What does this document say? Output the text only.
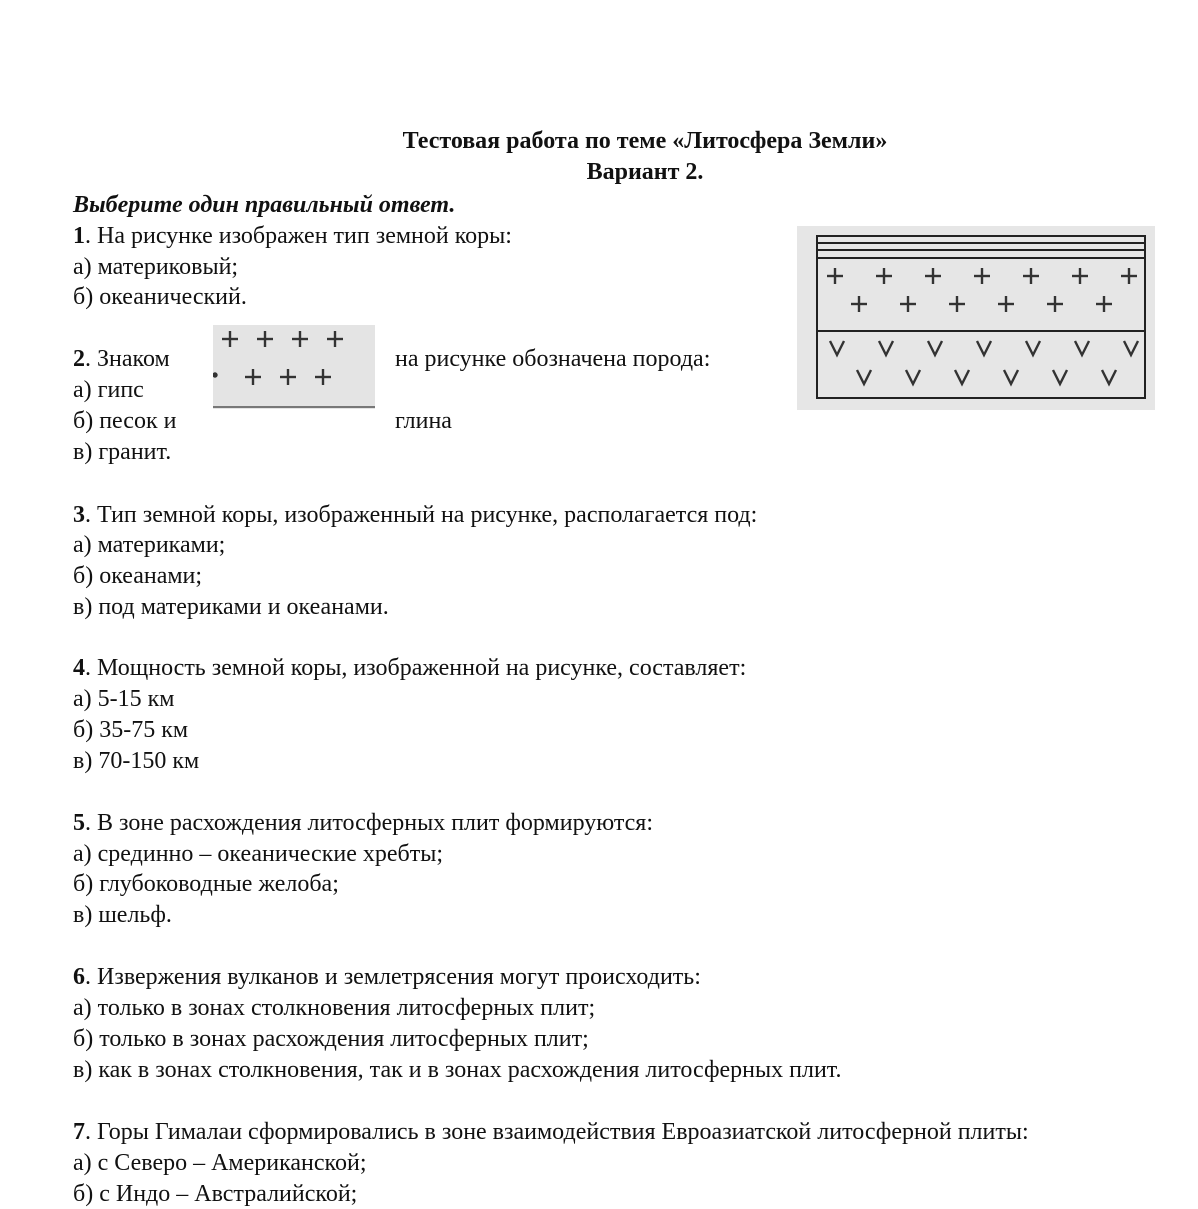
Тестовая работа по теме «Литосфера Земли»
Вариант 2.
Выберите один правильный ответ.
1. На рисунке изображен тип земной коры:
а) материковый;
б) океанический.
2. Знаком	на рисунке обозначена порода:
а) гипс
б) песок и	глина
в) гранит.
3. Тип земной коры, изображенный на рисунке, располагается под:
а) материками;
б) океанами;
в) под материками и океанами.
4. Мощность земной коры, изображенной на рисунке, составляет:
а) 5-15 км
б) 35-75 км
в) 70-150 км
5. В зоне расхождения литосферных плит формируются:
а) срединно – океанические хребты;
б) глубоководные желоба;
в) шельф.
6. Извержения вулканов и землетрясения могут происходить:
а) только в зонах столкновения литосферных плит;
б) только в зонах расхождения литосферных плит;
в) как в зонах столкновения, так и в зонах расхождения литосферных плит.
7. Горы Гималаи сформировались в зоне взаимодействия Евроазиатской литосферной плиты:
а) с Северо – Американской;
б) с Индо – Австралийской;
